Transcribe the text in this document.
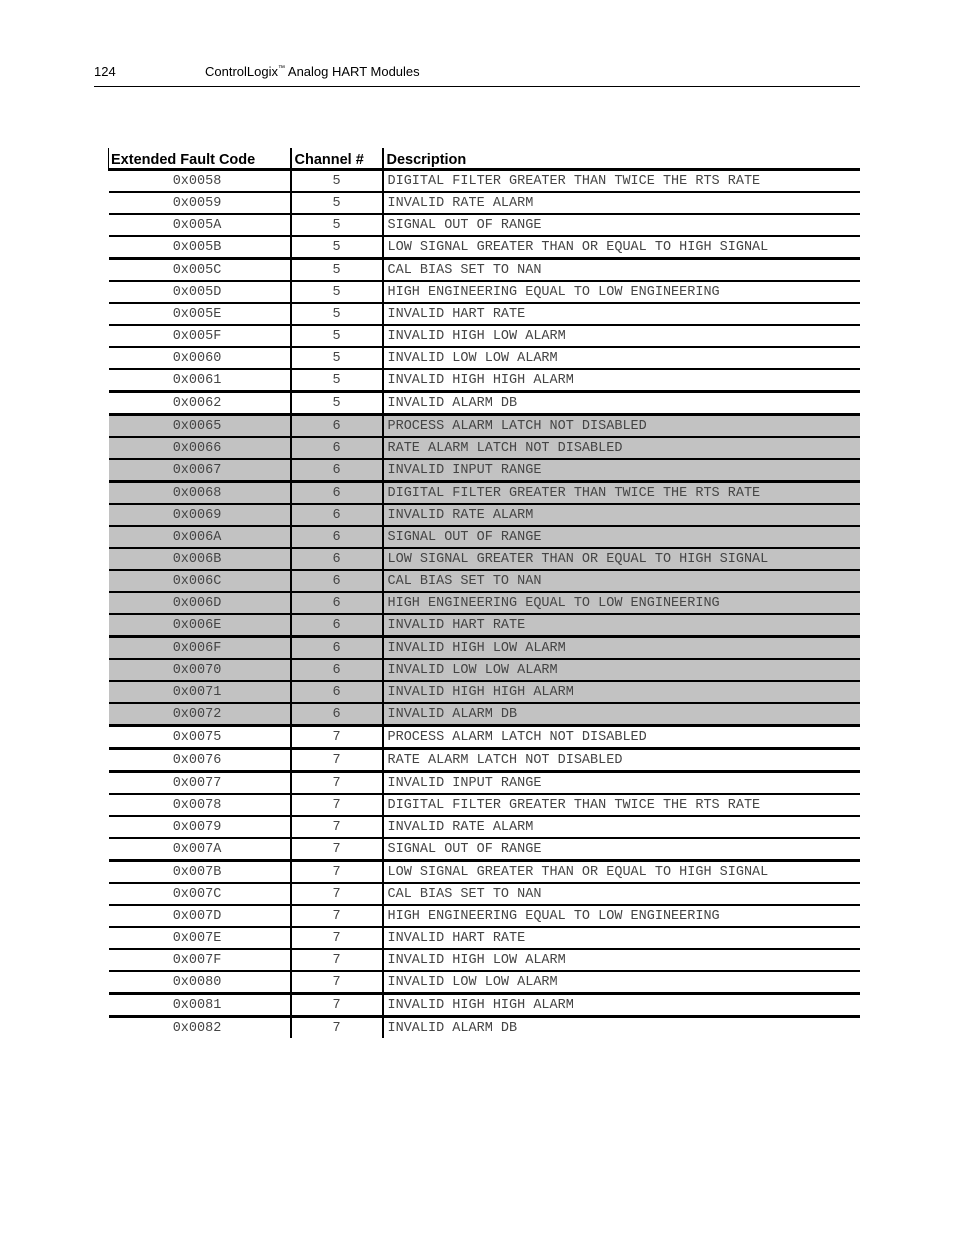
124	ControlLogix™ Analog HART Modules
Extended Fault Code	Channel #	Description
0x0058	5	DIGITAL FILTER GREATER THAN TWICE THE RTS RATE
0x0059	5	INVALID RATE ALARM
0x005A	5	SIGNAL OUT OF RANGE
0x005B	5	LOW SIGNAL GREATER THAN OR EQUAL TO HIGH SIGNAL
0x005C	5	CAL BIAS SET TO NAN
0x005D	5	HIGH ENGINEERING EQUAL TO LOW ENGINEERING
0x005E	5	INVALID HART RATE
0x005F	5	INVALID HIGH LOW ALARM
0x0060	5	INVALID LOW LOW ALARM
0x0061	5	INVALID HIGH HIGH ALARM
0x0062	5	INVALID ALARM DB
0x0065	6	PROCESS ALARM LATCH NOT DISABLED
0x0066	6	RATE ALARM LATCH NOT DISABLED
0x0067	6	INVALID INPUT RANGE
0x0068	6	DIGITAL FILTER GREATER THAN TWICE THE RTS RATE
0x0069	6	INVALID RATE ALARM
0x006A	6	SIGNAL OUT OF RANGE
0x006B	6	LOW SIGNAL GREATER THAN OR EQUAL TO HIGH SIGNAL
0x006C	6	CAL BIAS SET TO NAN
0x006D	6	HIGH ENGINEERING EQUAL TO LOW ENGINEERING
0x006E	6	INVALID HART RATE
0x006F	6	INVALID HIGH LOW ALARM
0x0070	6	INVALID LOW LOW ALARM
0x0071	6	INVALID HIGH HIGH ALARM
0x0072	6	INVALID ALARM DB
0x0075	7	PROCESS ALARM LATCH NOT DISABLED
0x0076	7	RATE ALARM LATCH NOT DISABLED
0x0077	7	INVALID INPUT RANGE
0x0078	7	DIGITAL FILTER GREATER THAN TWICE THE RTS RATE
0x0079	7	INVALID RATE ALARM
0x007A	7	SIGNAL OUT OF RANGE
0x007B	7	LOW SIGNAL GREATER THAN OR EQUAL TO HIGH SIGNAL
0x007C	7	CAL BIAS SET TO NAN
0x007D	7	HIGH ENGINEERING EQUAL TO LOW ENGINEERING
0x007E	7	INVALID HART RATE
0x007F	7	INVALID HIGH LOW ALARM
0x0080	7	INVALID LOW LOW ALARM
0x0081	7	INVALID HIGH HIGH ALARM
0x0082	7	INVALID ALARM DB
